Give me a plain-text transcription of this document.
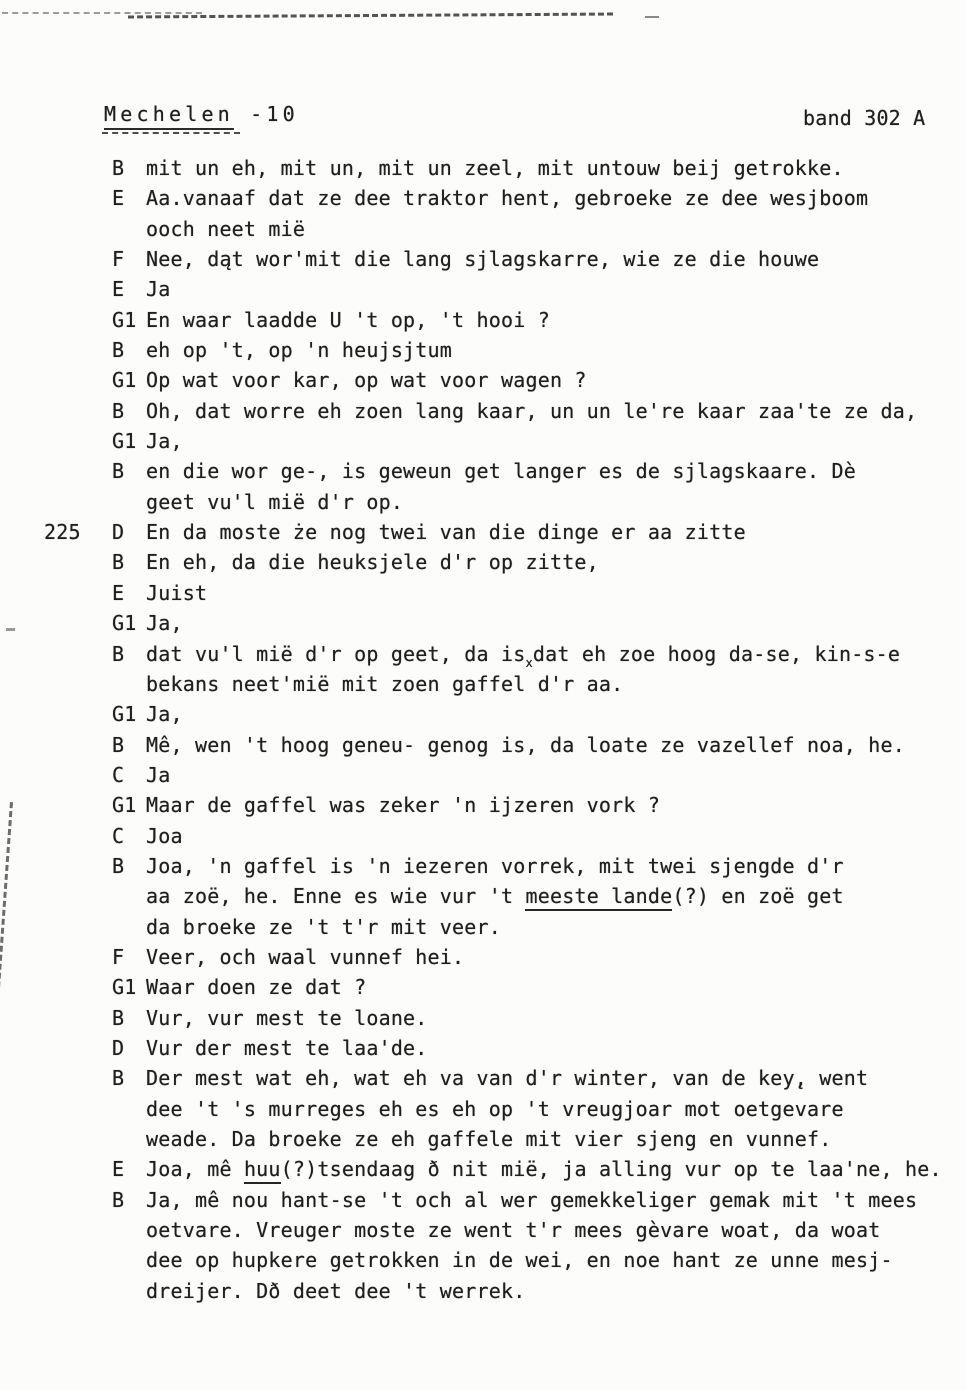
Mechelen -10	band 302 A
B	mit un eh, mit un, mit un zeel, mit untouw beij getrokke.
E	Aa.vanaaf dat ze dee traktor hent, gebroeke ze dee wesjboom
ooch neet mië
F	Nee, dąt wor'mit die lang sjlagskarre, wie ze die houwe
E	Ja
G1 En waar laadde U 't op, 't hooi ?
B	eh op 't, op 'n heujsjtum
G1 Op wat voor kar, op wat voor wagen ?
B	Oh, dat worre eh zoen lang kaar, un un le're kaar zaa'te ze da,
G1 Ja,
B	en die wor ge-, is geweun get langer es de sjlagskaare. Dè
geet vu'l mië d'r op.
225	D	En da moste że nog twei van die dinge er aa zitte
B	En eh, da die heuksjele d'r op zitte,
E	Juist
G1 Ja,
B	dat vu'l mië d'r op geet, da $is_xdat$ eh zoe hoog da-se, kin-s-e
bekans neet'mië mit zoen gaffel d'r aa.
G1 Ja,
B	Mê, wen 't hoog geneu- genog is, da loate ze vazellef noa, he.
C	Ja
G1 Maar de gaffel was zeker 'n ijzeren vork ?
C	Joa
B	Joa, 'n gaffel is 'n iezeren vorrek, mit twei sjengde d'r
aa zoë, he. Enne es wie vur 't meeste lande(?) en zoë get
da broeke ze 't t'r mit veer.
F	Veer, och waal vunnef hei.
G1 Waar doen ze dat ?
B	Vur, vur mest te loane.
D	Vur der mest te laa'de.
B	Der mest wat eh, wat eh va van d'r winter, van de key̨, went
dee 't 's murreges eh es eh op 't vreugjoar mot oetgevare
weade. Da broeke ze eh gaffele mit vier sjeng en vunnef.
E	Joa, mê huu(?)tsendaag ð nit mië, ja alling vur op te laa'ne, he.
B	Ja, mê nou hant-se 't och al wer gemekkeliger gemak mit 't mees
oetvare. Vreuger moste ze went t'r mees gèvare woat, da woat
dee op hupkere getrokken in de wei, en noe hant ze unne mesj-
dreijer. Dð deet dee 't werrek.
